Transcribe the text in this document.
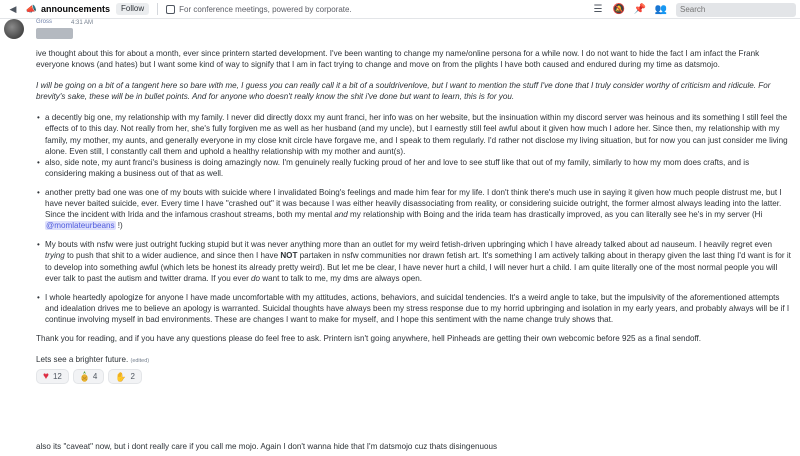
◀ 📣 announcements	Follow	For conference meetings, powered by corporate.	☰ 🔕 📌 👥
Search
Gross	4:31 AM
ive thought about this for about a month, ever since printern started development. I've been wanting to change my name/online persona for a while now. I do not want to hide the fact I am infact the Frank everyone knows (and hates) but I want some kind of way to signify that I am in fact trying to change and move on from the plights I have both caused and endured during my time as datsmojo.
I will be going on a bit of a tangent here so bare with me, I guess you can really call it a bit of a souldrivenlove, but I want to mention the stuff I've done that I truly consider worthy of criticism and ridicule. For brevity's sake, these will be in bullet points. And for anyone who doesn't really know the shit i've done but want to learn, this is for you.
• a decently big one, my relationship with my family. I never did directly doxx my aunt franci, her info was on her website, but the insinuation within my discord server was heinous and its something I still feel the effects of to this day. Not really from her, she's fully forgiven me as well as her husband (and my uncle), but I earnestly still feel awful about it given how much I adore her. Since then, my relationship with my family, my mother, my aunts, and generally everyone in my close knit circle have forgave me, and I speak to them regularly. I'd rather not disclose my living situation, but for now you can just consider me living alone. Even still, I constantly call them and uphold a healthy relationship with my mother and aunt(s).
• also, side note, my aunt franci's business is doing amazingly now. I'm genuinely really fucking proud of her and love to see stuff like that out of my family, similarly to how my mom does crafts, and is considering making a business out of that as well.
• another pretty bad one was one of my bouts with suicide where I invalidated Boing's feelings and made him fear for my life. I don't think there's much use in saying it given how much people distrust me, but I have never baited suicide, ever. Every time I have "crashed out" it was because I was either heavily disassociating from reality, or considering suicide outright, the former almost always leading into the latter. Since the incident with Irida and the infamous crashout streams, both my mental and my relationship with Boing and the irida team has drastically improved, as you can literally see he's in my server (Hi @momlateurbeans !)
• My bouts with nsfw were just outright fucking stupid but it was never anything more than an outlet for my weird fetish-driven upbringing which I have already talked about ad nauseum. I heavily regret even trying to push that shit to a wider audience, and since then I have NOT partaken in nsfw communities nor drawn fetish art. It's something I am actively talking about in therapy given the last thing I'd want is for it to develop into something awful (which lets be honest its already pretty weird). But let me be clear, I have never hurt a child, I will never hurt a child. I am quite literally one of the most normal people you will ever talk to past the autism and twitter drama. If you ever do want to talk to me, my dms are always open.
• I whole heartedly apologize for anyone I have made uncomfortable with my attitudes, actions, behaviors, and suicidal tendencies. It's a weird angle to take, but the impulsivity of the aforementioned attempts and idealation drives me to believe an apology is warranted. Suicidal thoughts have always been my stress response due to my horrid upbringing and isolation in my early years, and probably always will be if I continue involving myself in bad environments. These are changes I want to make for myself, and I hope this sentiment with the name change truly shows that.
Thank you for reading, and if you have any questions please do feel free to ask. Printern isn't going anywhere, hell Pinheads are getting their own webcomic before 925 as a final sendoff.
Lets see a brighter future. (edited)
♥ 12	4 ✋ 2
also its "caveat" now, but i dont really care if you call me mojo. Again I don't wanna hide that I'm datsmojo cuz thats disingenuous
